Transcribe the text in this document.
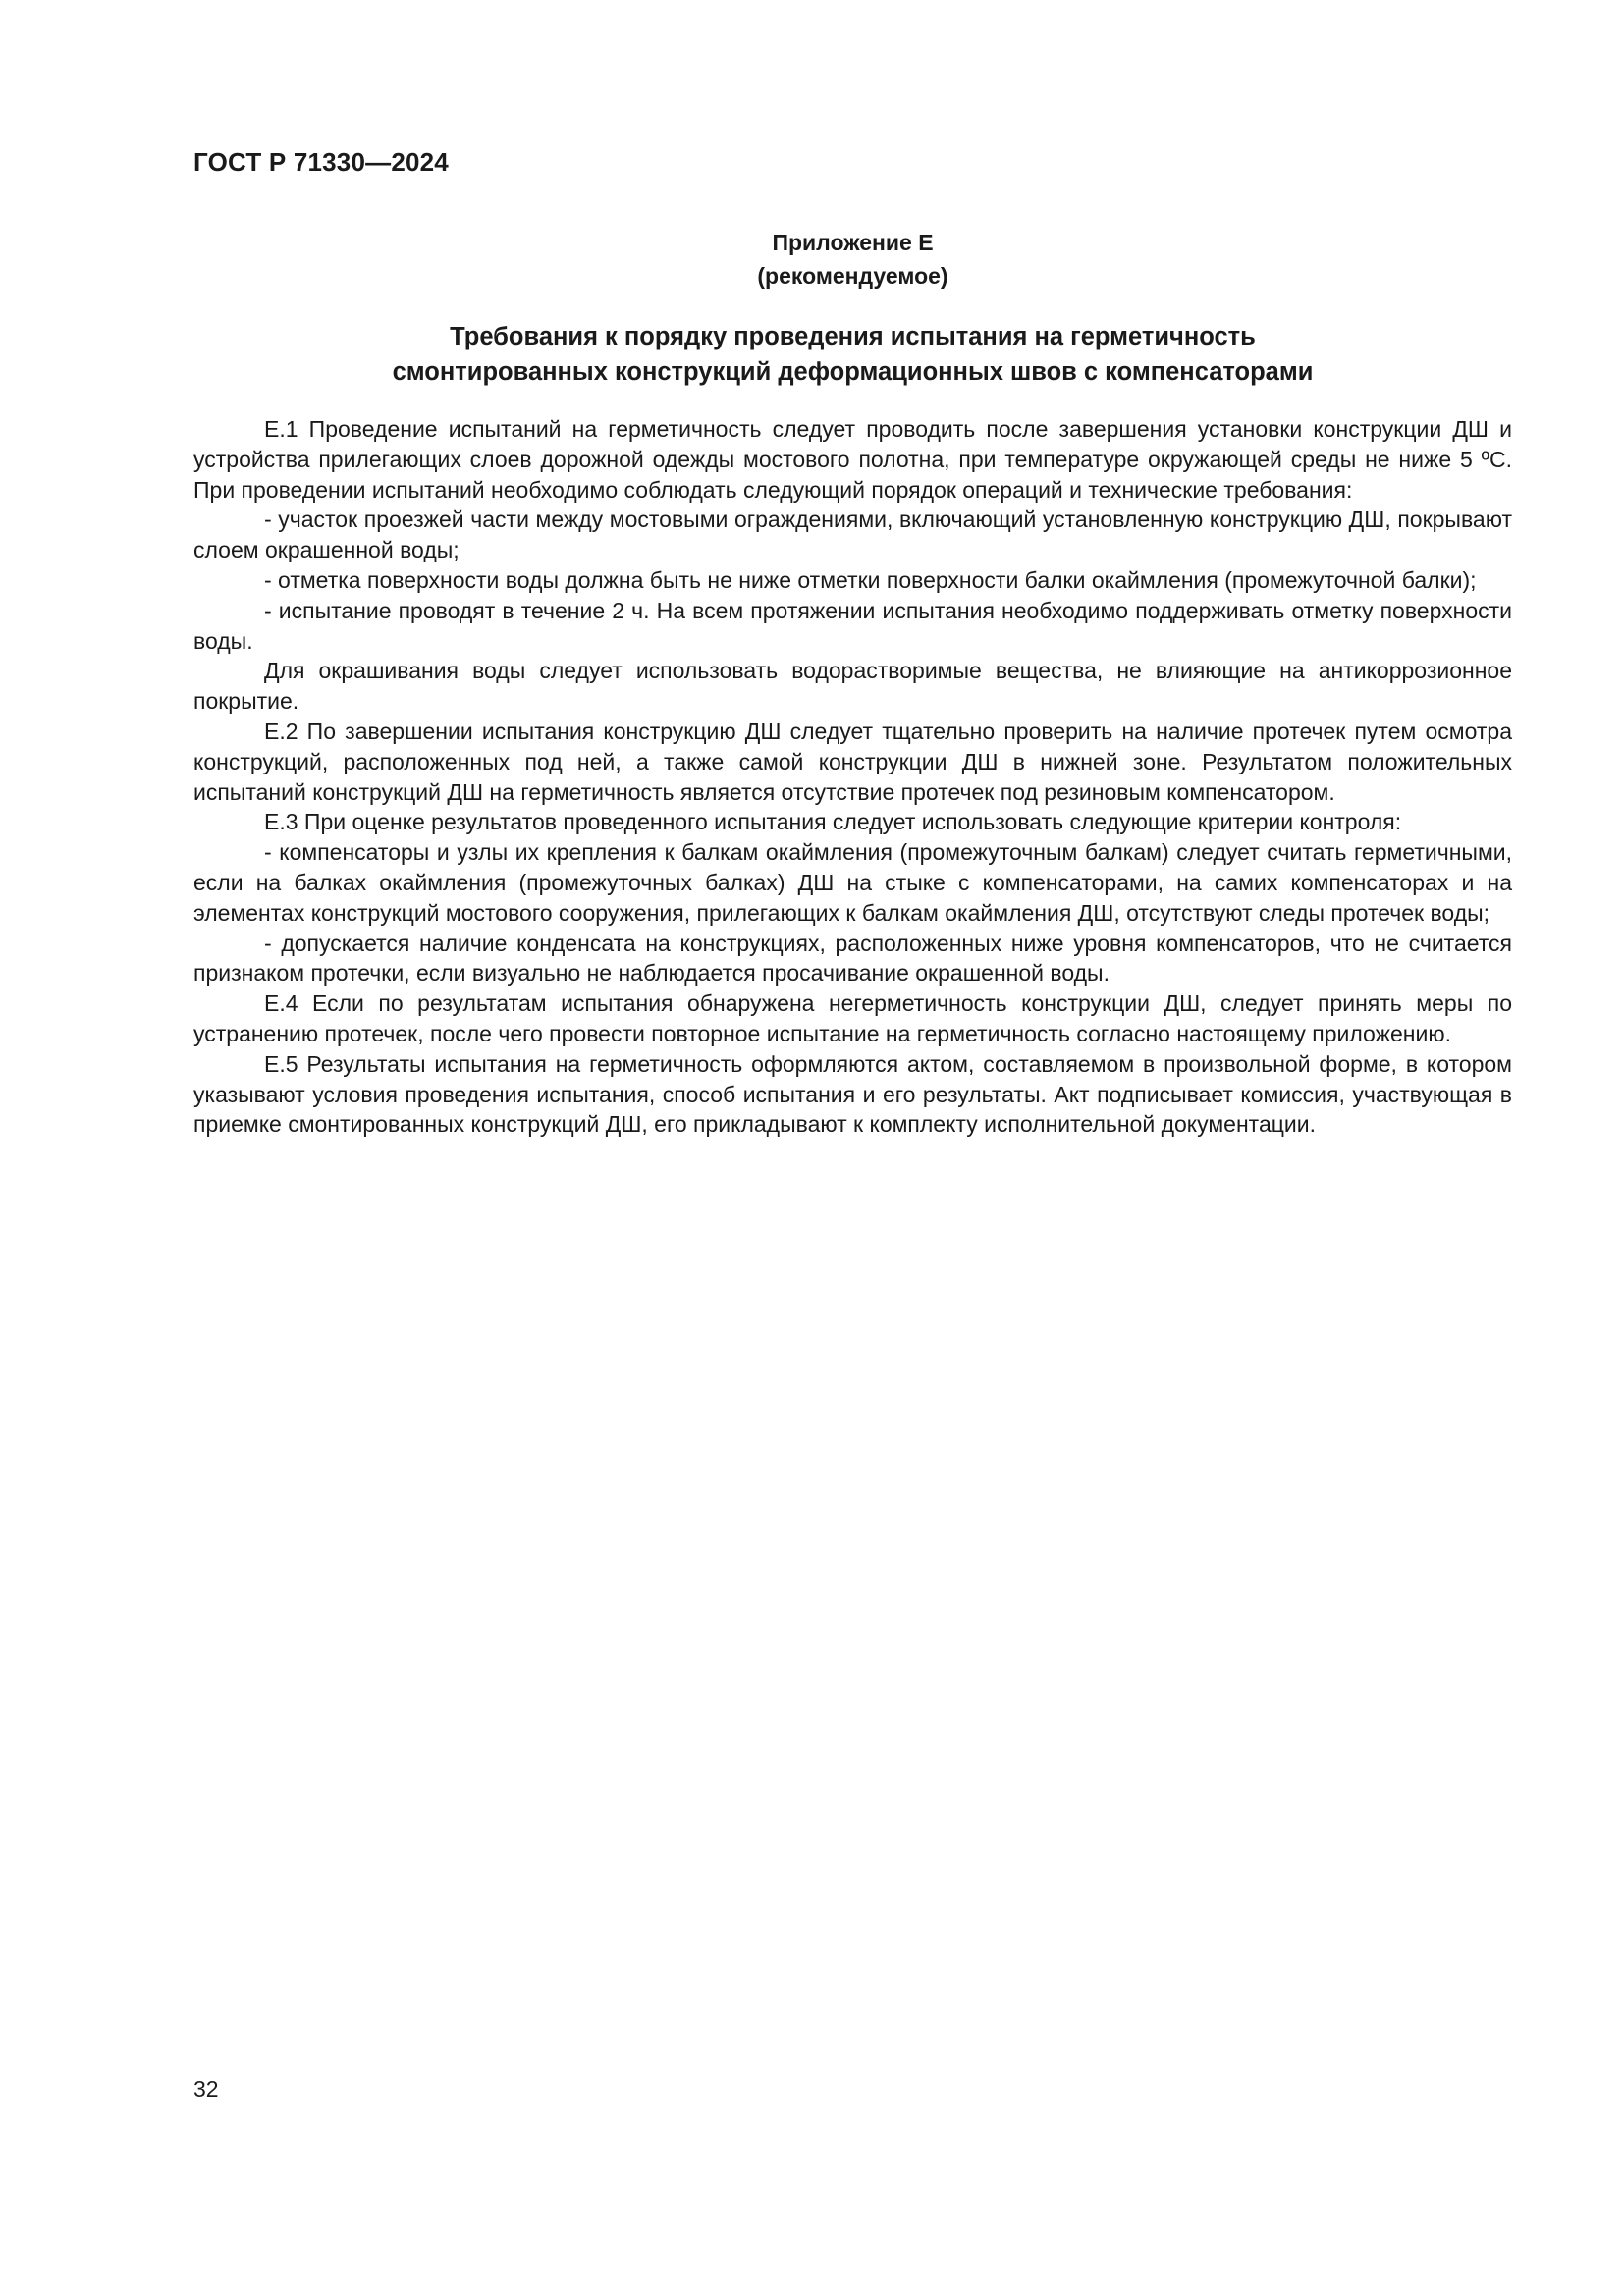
ГОСТ Р 71330—2024
Приложение Е
(рекомендуемое)
Требования к порядку проведения испытания на герметичность
смонтированных конструкций деформационных швов с компенсаторами

Е.1 Проведение испытаний на герметичность следует проводить после завершения установки конструкции ДШ и устройства прилегающих слоев дорожной одежды мостового полотна, при температуре окружающей среды не ниже 5 ºС. При проведении испытаний необходимо соблюдать следующий порядок операций и технические требования:

- участок проезжей части между мостовыми ограждениями, включающий установленную конструкцию ДШ, покрывают слоем окрашенной воды;

- отметка поверхности воды должна быть не ниже отметки поверхности балки окаймления (промежуточной балки);

- испытание проводят в течение 2 ч. На всем протяжении испытания необходимо поддерживать отметку поверхности воды.

Для окрашивания воды следует использовать водорастворимые вещества, не влияющие на антикоррозионное покрытие.

Е.2 По завершении испытания конструкцию ДШ следует тщательно проверить на наличие протечек путем осмотра конструкций, расположенных под ней, а также самой конструкции ДШ в нижней зоне. Результатом положительных испытаний конструкций ДШ на герметичность является отсутствие протечек под резиновым компенсатором.

Е.3 При оценке результатов проведенного испытания следует использовать следующие критерии контроля:

- компенсаторы и узлы их крепления к балкам окаймления (промежуточным балкам) следует считать герметичными, если на балках окаймления (промежуточных балках) ДШ на стыке с компенсаторами, на самих компенсаторах и на элементах конструкций мостового сооружения, прилегающих к балкам окаймления ДШ, отсутствуют следы протечек воды;

- допускается наличие конденсата на конструкциях, расположенных ниже уровня компенсаторов, что не считается признаком протечки, если визуально не наблюдается просачивание окрашенной воды.

Е.4 Если по результатам испытания обнаружена негерметичность конструкции ДШ, следует принять меры по устранению протечек, после чего провести повторное испытание на герметичность согласно настоящему приложению.

Е.5 Результаты испытания на герметичность оформляются актом, составляемом в произвольной форме, в котором указывают условия проведения испытания, способ испытания и его результаты. Акт подписывает комиссия, участвующая в приемке смонтированных конструкций ДШ, его прикладывают к комплекту исполнительной документации.

32
